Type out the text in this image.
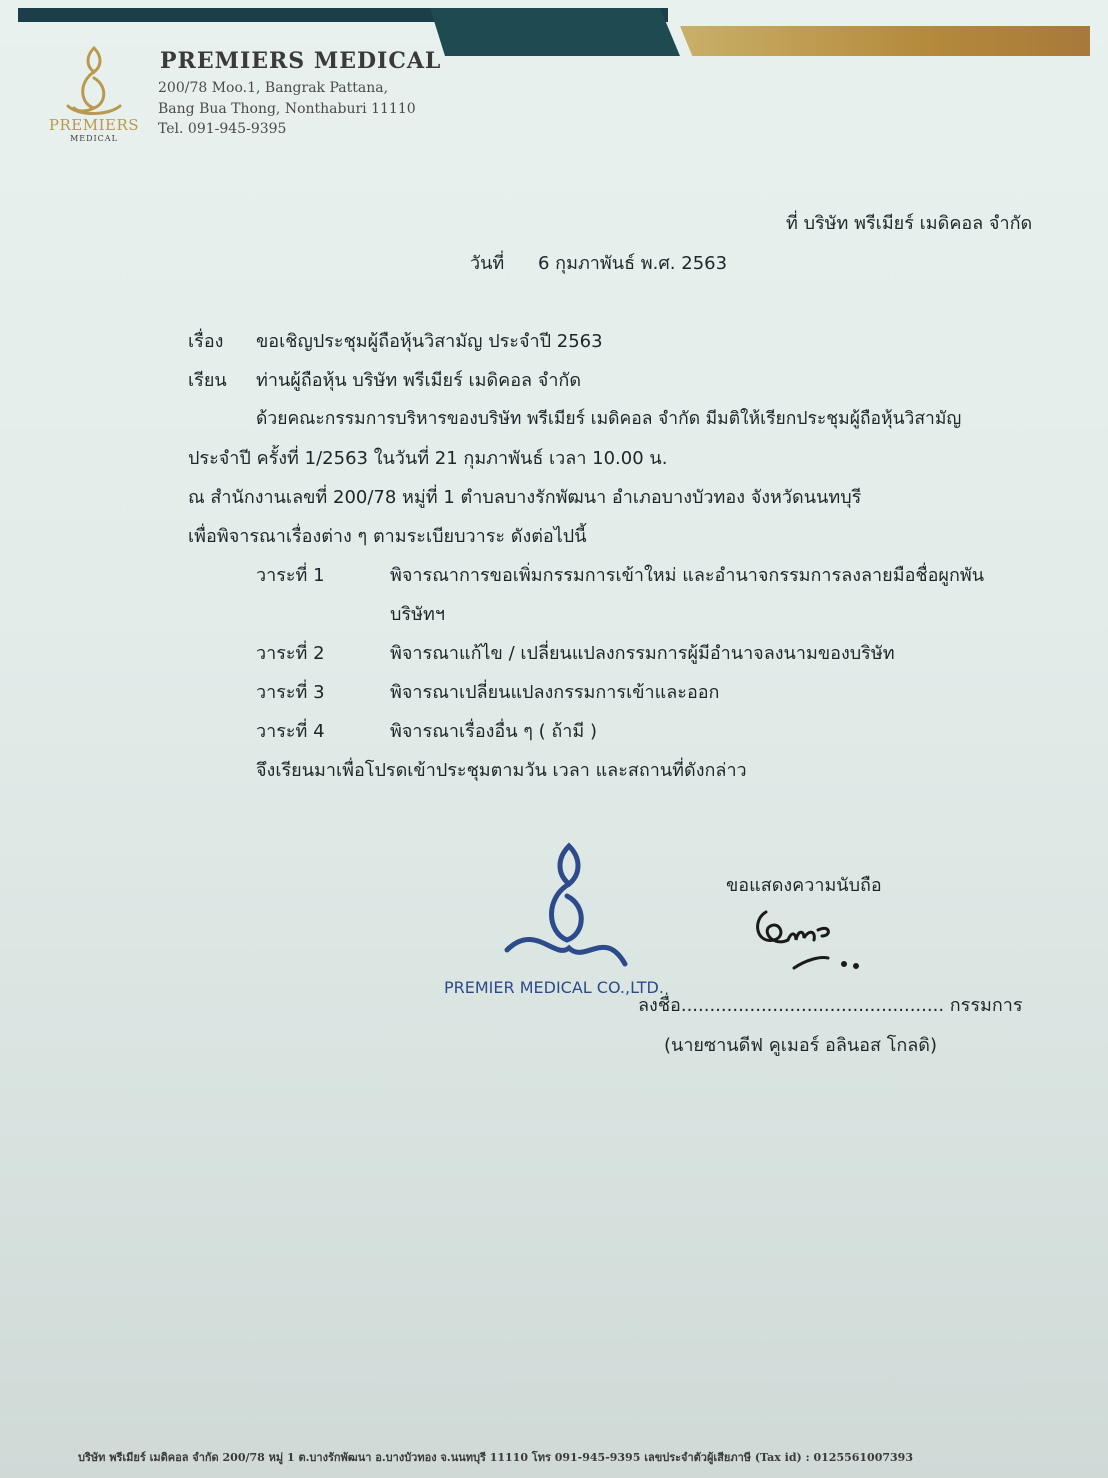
PREMIERS
MEDICAL
PREMIERS MEDICAL
200/78 Moo.1, Bangrak Pattana,
Bang Bua Thong, Nonthaburi 11110
Tel. 091-945-9395
ที่ บริษัท พรีเมียร์ เมดิคอล จำกัด
วันที่ 6 กุมภาพันธ์ พ.ศ. 2563
เรื่อง ขอเชิญประชุมผู้ถือหุ้นวิสามัญ ประจำปี 2563
เรียน ท่านผู้ถือหุ้น บริษัท พรีเมียร์ เมดิคอล จำกัด
ด้วยคณะกรรมการบริหารของบริษัท พรีเมียร์ เมดิคอล จำกัด มีมติให้เรียกประชุมผู้ถือหุ้นวิสามัญ
ประจำปี ครั้งที่ 1/2563 ในวันที่ 21 กุมภาพันธ์ เวลา 10.00 น.
ณ สำนักงานเลขที่ 200/78 หมู่ที่ 1 ตำบลบางรักพัฒนา อำเภอบางบัวทอง จังหวัดนนทบุรี
เพื่อพิจารณาเรื่องต่าง ๆ ตามระเบียบวาระ ดังต่อไปนี้
วาระที่ 1	พิจารณาการขอเพิ่มกรรมการเข้าใหม่ และอำนาจกรรมการลงลายมือชื่อผูกพัน
บริษัทฯ
วาระที่ 2	พิจารณาแก้ไข / เปลี่ยนแปลงกรรมการผู้มีอำนาจลงนามของบริษัท
วาระที่ 3	พิจารณาเปลี่ยนแปลงกรรมการเข้าและออก
วาระที่ 4	พิจารณาเรื่องอื่น ๆ ( ถ้ามี )
จึงเรียนมาเพื่อโปรดเข้าประชุมตามวัน เวลา และสถานที่ดังกล่าว
PREMIER MEDICAL CO.,LTD.
ขอแสดงความนับถือ
ลงชื่อ.............................................. กรรมการ
(นายซานดีฟ คูเมอร์ อลินอส โกลดิ)
บริษัท พรีเมียร์ เมดิคอล จำกัด 200/78 หมู่ 1 ต.บางรักพัฒนา อ.บางบัวทอง จ.นนทบุรี 11110 โทร 091-945-9395 เลขประจำตัวผู้เสียภาษี (Tax id) : 0125561007393
